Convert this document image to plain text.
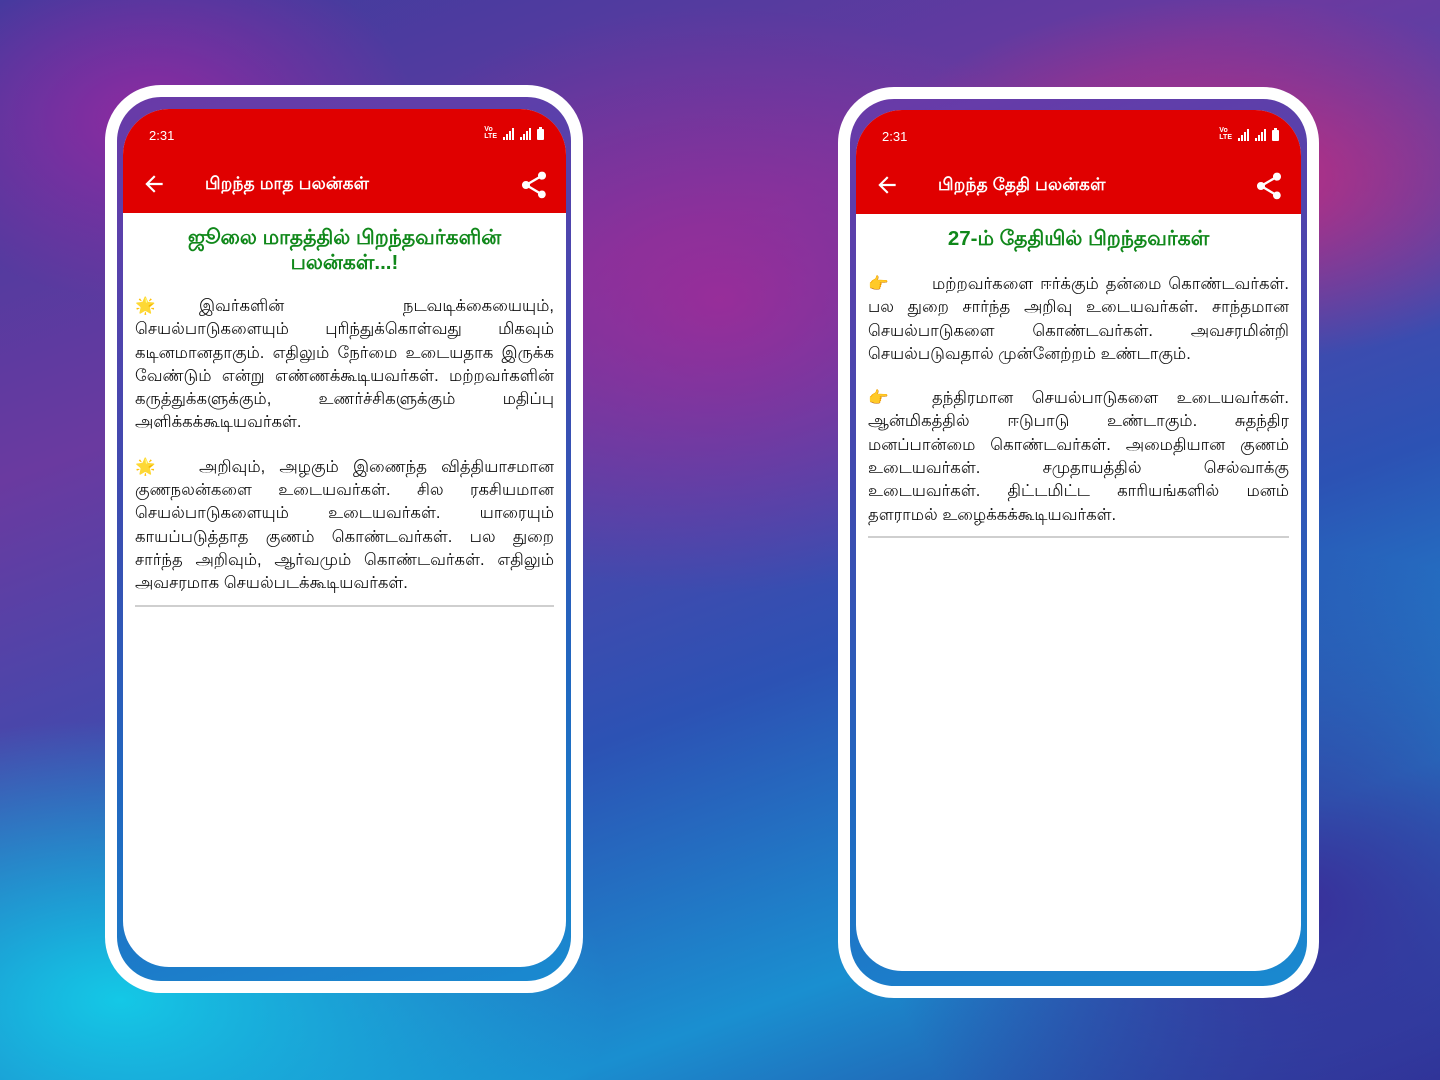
2:31	Vo
LTE
பிறந்த மாத பலன்கள்
ஜூலை மாதத்தில் பிறந்தவர்களின் பலன்கள்...!

🌟	இவர்களின் நடவடிக்கையையும், செயல்பாடுகளையும் புரிந்துக்கொள்வது மிகவும் கடினமானதாகும். எதிலும் நேர்மை உடையதாக இருக்க வேண்டும் என்று எண்ணக்கூடியவர்கள். மற்றவர்களின் கருத்துக்களுக்கும், உணர்ச்சிகளுக்கும் மதிப்பு அளிக்கக்கூடியவர்கள்.

🌟	அறிவும், அழகும் இணைந்த வித்தியாசமான குணநலன்களை உடையவர்கள். சில ரகசியமான செயல்பாடுகளையும் உடையவர்கள். யாரையும் காயப்படுத்தாத குணம் கொண்டவர்கள். பல துறை சார்ந்த அறிவும், ஆர்வமும் கொண்டவர்கள். எதிலும் அவசரமாக செயல்படக்கூடியவர்கள்.

2:31	Vo
LTE
பிறந்த தேதி பலன்கள்
27-ம் தேதியில் பிறந்தவர்கள்

👉	மற்றவர்களை ஈர்க்கும் தன்மை கொண்டவர்கள். பல துறை சார்ந்த அறிவு உடையவர்கள். சாந்தமான செயல்பாடுகளை கொண்டவர்கள். அவசரமின்றி செயல்படுவதால் முன்னேற்றம் உண்டாகும்.

👉	தந்திரமான செயல்பாடுகளை உடையவர்கள். ஆன்மிகத்தில் ஈடுபாடு உண்டாகும். சுதந்திர மனப்பான்மை கொண்டவர்கள். அமைதியான குணம் உடையவர்கள். சமுதாயத்தில் செல்வாக்கு உடையவர்கள். திட்டமிட்ட காரியங்களில் மனம் தளராமல் உழைக்கக்கூடியவர்கள்.
